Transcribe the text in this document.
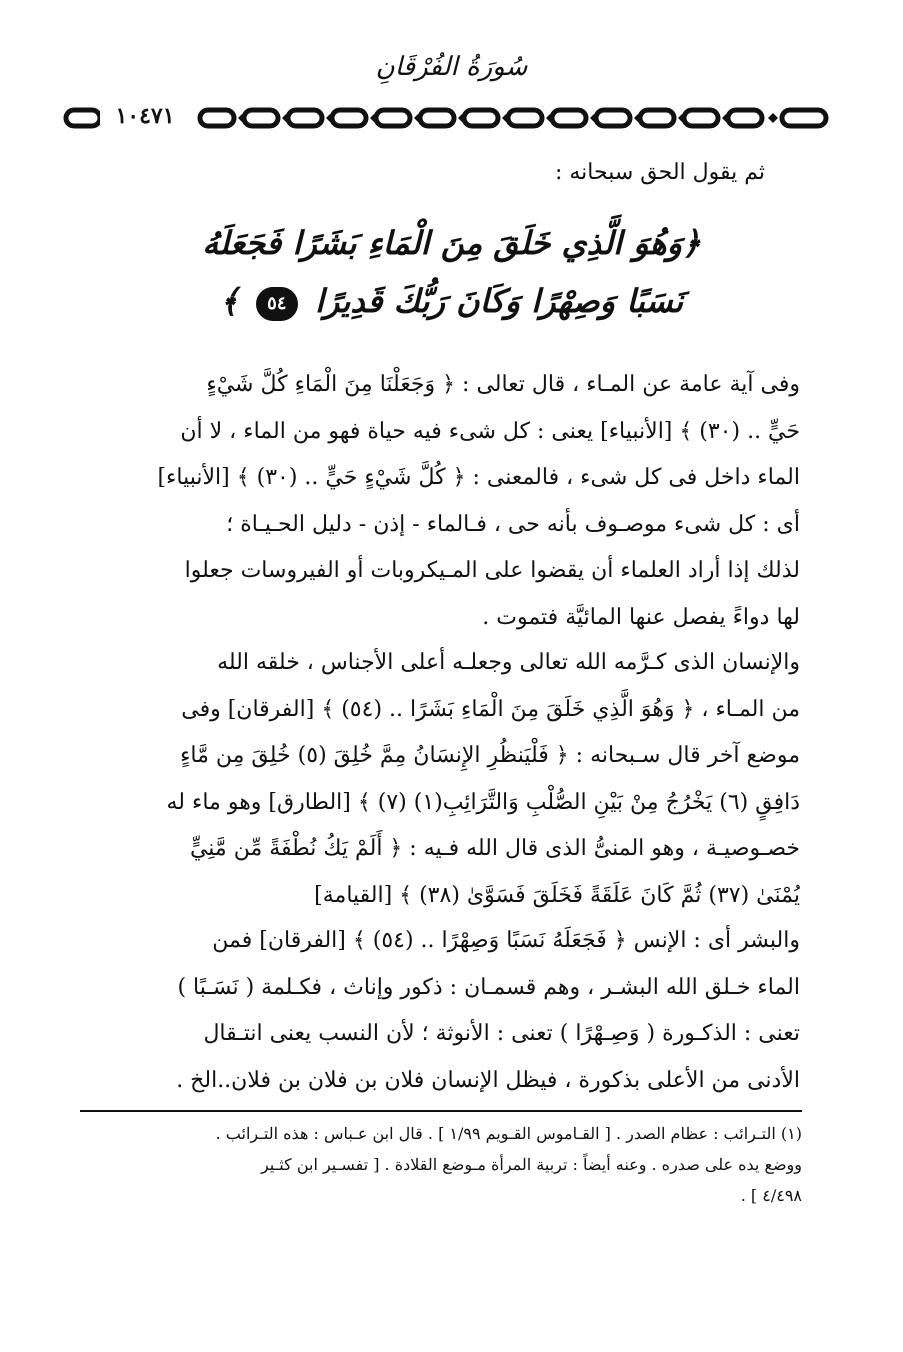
سُورَةُ الفُرْقَانِ
١٠٤٧١
ثم يقول الحق سبحانه :
﴿وَهُوَ الَّذِي خَلَقَ مِنَ الْمَاءِ بَشَرًا فَجَعَلَهُ
نَسَبًا وَصِهْرًا وَكَانَ رَبُّكَ قَدِيرًا ٥٤ ﴾
وفى آية عامة عن المـاء ، قال تعالى : ﴿ وَجَعَلْنَا مِنَ الْمَاءِ كُلَّ شَيْءٍ
حَيٍّ .. (٣٠) ﴾ [الأنبياء] يعنى : كل شىء فيه حياة فهو من الماء ، لا أن
الماء داخل فى كل شىء ، فالمعنى : ﴿ كُلَّ شَيْءٍ حَيٍّ .. (٣٠) ﴾ [الأنبياء]
أى : كل شىء موصـوف بأنه حى ، فـالماء - إذن - دليل الحـيـاة ؛
لذلك إذا أراد العلماء أن يقضوا على المـيكروبات أو الفيروسات جعلوا
لها دواءً يفصل عنها المائيَّة فتموت .
والإنسان الذى كـرَّمه الله تعالى وجعلـه أعلى الأجناس ، خلقه الله
من المـاء ، ﴿ وَهُوَ الَّذِي خَلَقَ مِنَ الْمَاءِ بَشَرًا .. (٥٤) ﴾ [الفرقان] وفى
موضع آخر قال سـبحانه : ﴿ فَلْيَنظُرِ الإِنسَانُ مِمَّ خُلِقَ (٥) خُلِقَ مِن مَّاءٍ
دَافِقٍ (٦) يَخْرُجُ مِنْ بَيْنِ الصُّلْبِ وَالتَّرَائِبِ(١) (٧) ﴾ [الطارق] وهو ماء له
خصـوصيـة ، وهو المنىُّ الذى قال الله فـيه : ﴿ أَلَمْ يَكُ نُطْفَةً مِّن مَّنِيٍّ
يُمْنَىٰ (٣٧) ثُمَّ كَانَ عَلَقَةً فَخَلَقَ فَسَوَّىٰ (٣٨) ﴾ [القيامة]
والبشر أى : الإنس ﴿ فَجَعَلَهُ نَسَبًا وَصِهْرًا .. (٥٤) ﴾ [الفرقان] فمن
الماء خـلق الله البشـر ، وهم قسمـان : ذكور وإناث ، فكـلمة ( نَسَـبًا )
تعنى : الذكـورة ( وَصِـهْرًا ) تعنى : الأنوثة ؛ لأن النسب يعنى انتـقال
الأدنى من الأعلى بذكورة ، فيظل الإنسان فلان بن فلان بن فلان..الخ .
(١) التـرائب : عظام الصدر . [ القـاموس القـويم ١/٩٩ ] . قال ابن عـباس : هذه التـرائب .
ووضع يده على صدره . وعنه أيضاً : تربية المرأة مـوضع القلادة . [ تفسـير ابن كثـير
٤/٤٩٨ ] .
